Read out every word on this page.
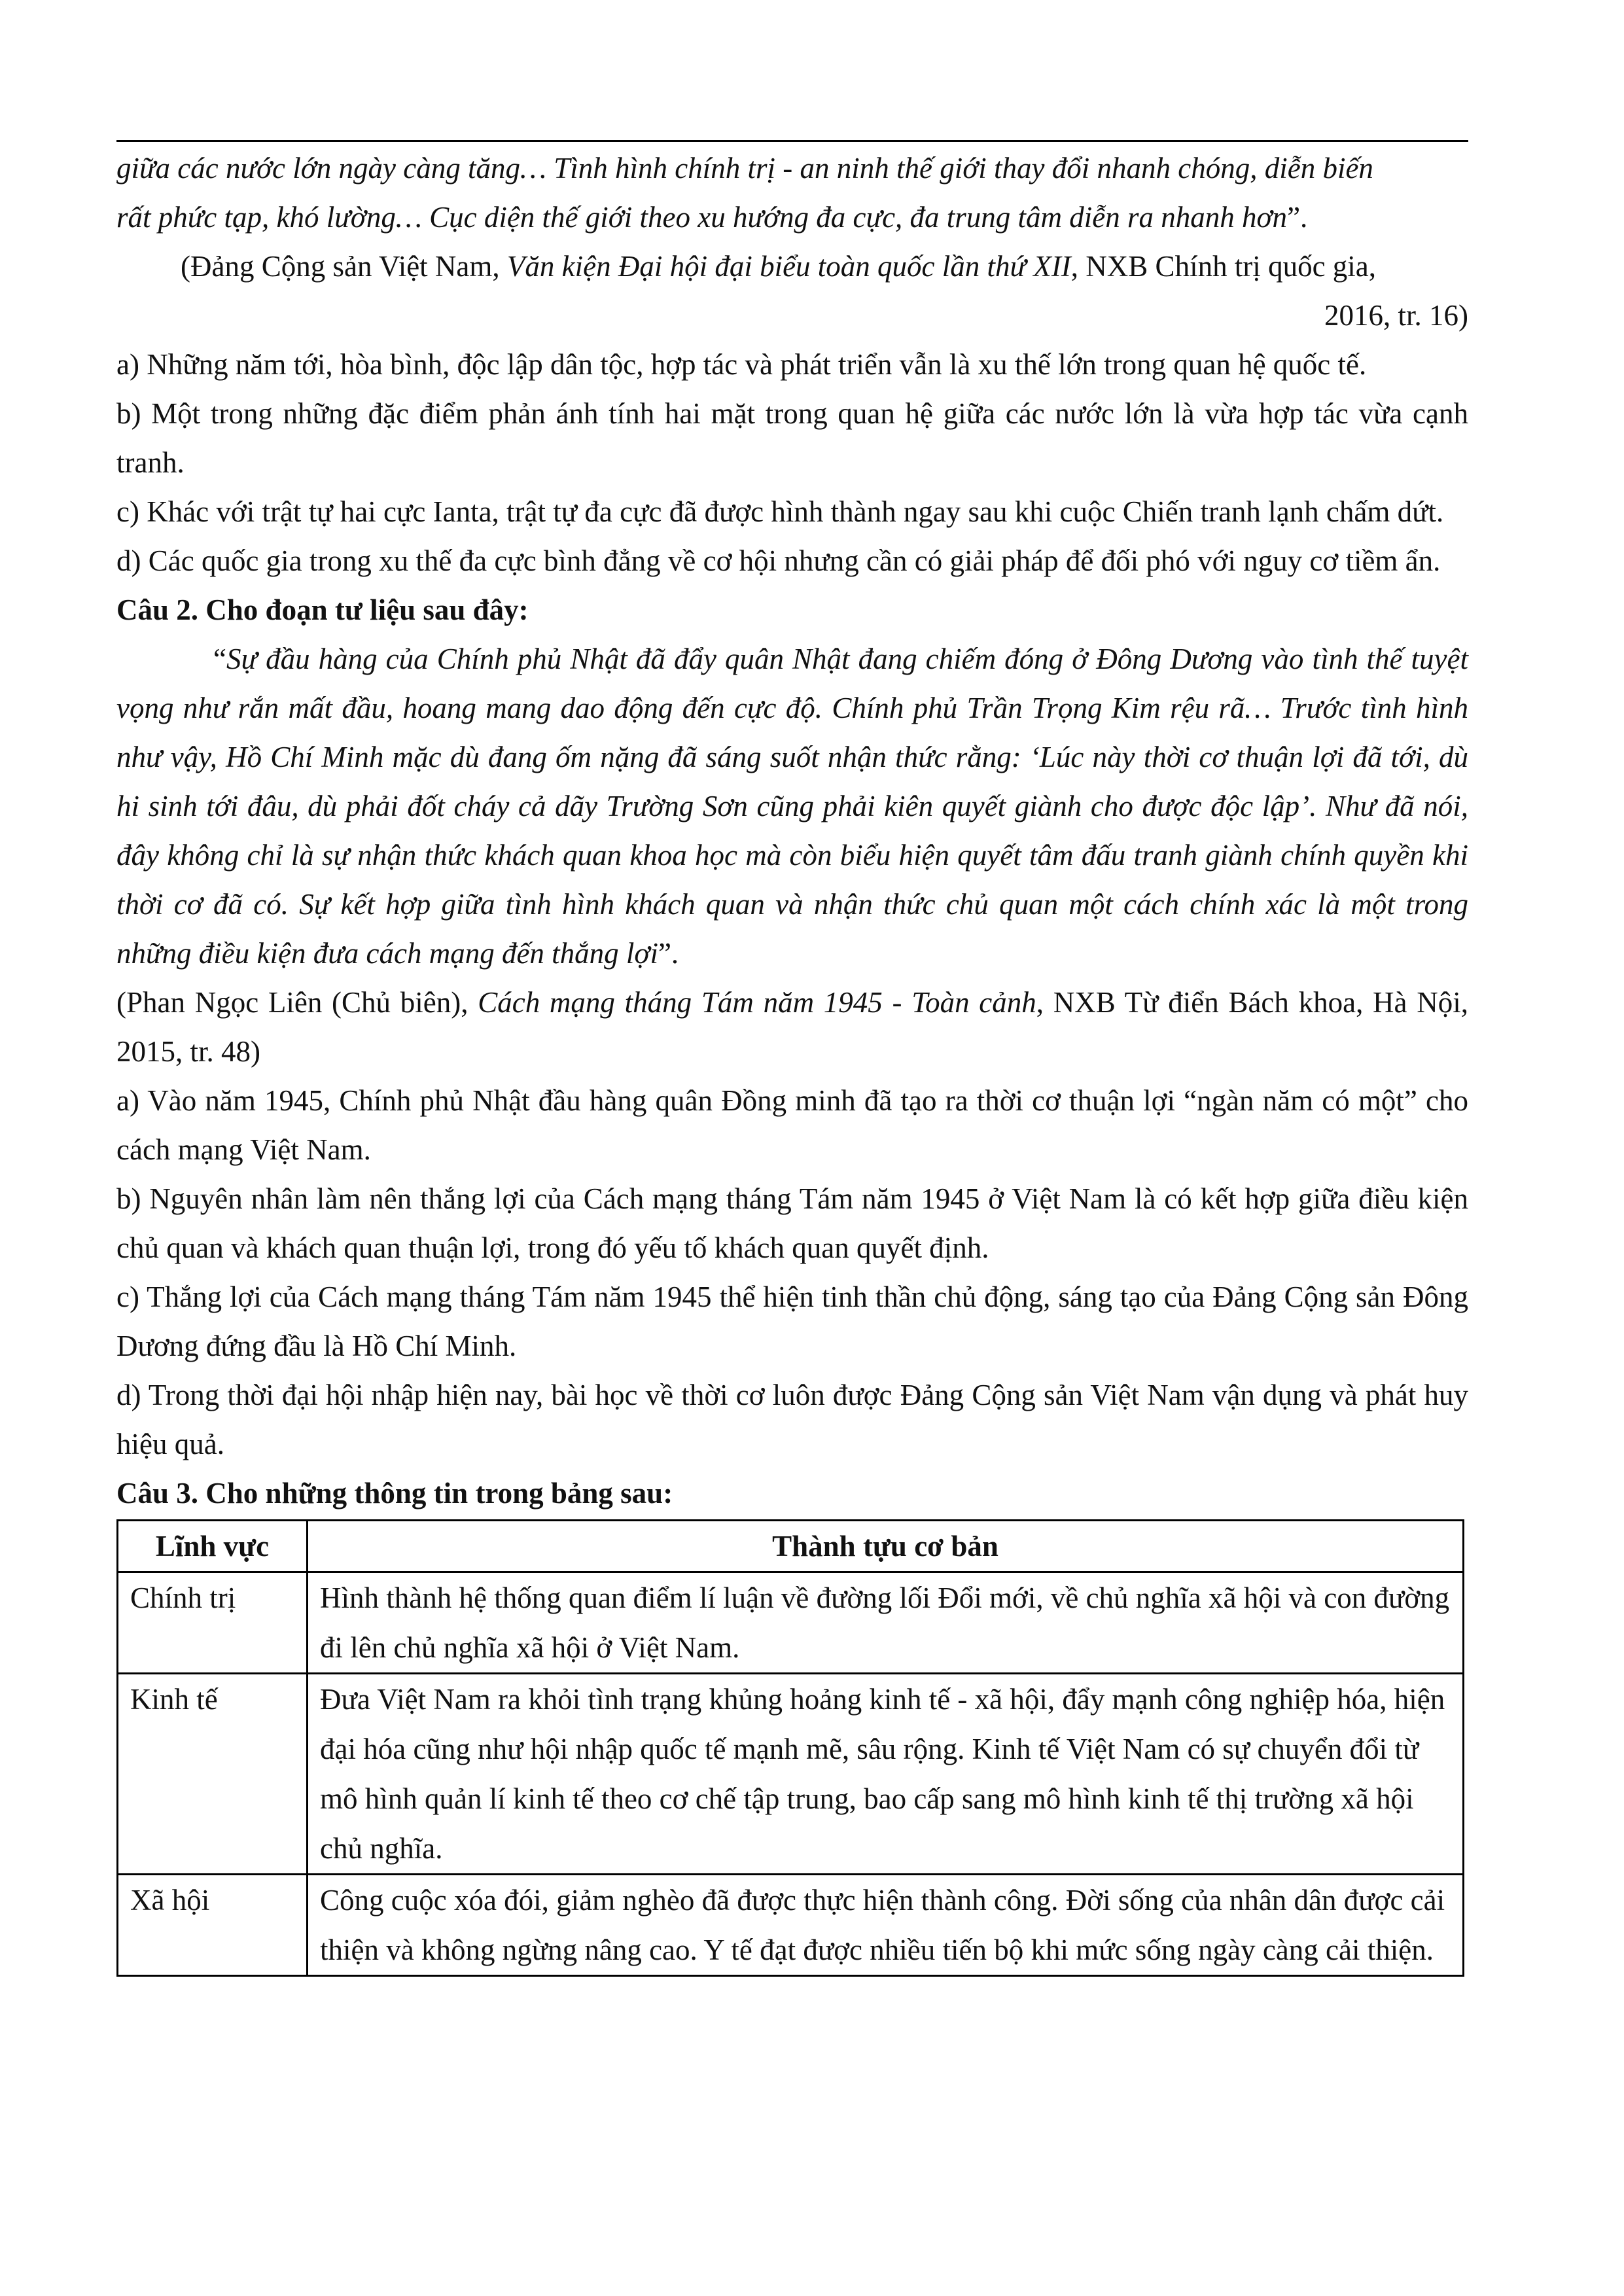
giữa các nước lớn ngày càng tăng… Tình hình chính trị - an ninh thế giới thay đổi nhanh chóng, diễn biến

rất phức tạp, khó lường… Cục diện thế giới theo xu hướng đa cực, đa trung tâm diễn ra nhanh hơn”.

(Đảng Cộng sản Việt Nam, Văn kiện Đại hội đại biểu toàn quốc lần thứ XII, NXB Chính trị quốc gia,

2016, tr. 16)

a) Những năm tới, hòa bình, độc lập dân tộc, hợp tác và phát triển vẫn là xu thế lớn trong quan hệ quốc tế.

b) Một trong những đặc điểm phản ánh tính hai mặt trong quan hệ giữa các nước lớn là vừa hợp tác vừa cạnh tranh.

c) Khác với trật tự hai cực Ianta, trật tự đa cực đã được hình thành ngay sau khi cuộc Chiến tranh lạnh chấm dứt.

d) Các quốc gia trong xu thế đa cực bình đẳng về cơ hội nhưng cần có giải pháp để đối phó với nguy cơ tiềm ẩn.

Câu 2. Cho đoạn tư liệu sau đây:

“Sự đầu hàng của Chính phủ Nhật đã đẩy quân Nhật đang chiếm đóng ở Đông Dương vào tình thế tuyệt vọng như rắn mất đầu, hoang mang dao động đến cực độ. Chính phủ Trần Trọng Kim rệu rã… Trước tình hình như vậy, Hồ Chí Minh mặc dù đang ốm nặng đã sáng suốt nhận thức rằng: ‘Lúc này thời cơ thuận lợi đã tới, dù hi sinh tới đâu, dù phải đốt cháy cả dãy Trường Sơn cũng phải kiên quyết giành cho được độc lập’. Như đã nói, đây không chỉ là sự nhận thức khách quan khoa học mà còn biểu hiện quyết tâm đấu tranh giành chính quyền khi thời cơ đã có. Sự kết hợp giữa tình hình khách quan và nhận thức chủ quan một cách chính xác là một trong những điều kiện đưa cách mạng đến thắng lợi”.

(Phan Ngọc Liên (Chủ biên), Cách mạng tháng Tám năm 1945 - Toàn cảnh, NXB Từ điển Bách khoa, Hà Nội, 2015, tr. 48)

a) Vào năm 1945, Chính phủ Nhật đầu hàng quân Đồng minh đã tạo ra thời cơ thuận lợi “ngàn năm có một” cho cách mạng Việt Nam.

b) Nguyên nhân làm nên thắng lợi của Cách mạng tháng Tám năm 1945 ở Việt Nam là có kết hợp giữa điều kiện chủ quan và khách quan thuận lợi, trong đó yếu tố khách quan quyết định.

c) Thắng lợi của Cách mạng tháng Tám năm 1945 thể hiện tinh thần chủ động, sáng tạo của Đảng Cộng sản Đông Dương đứng đầu là Hồ Chí Minh.

d) Trong thời đại hội nhập hiện nay, bài học về thời cơ luôn được Đảng Cộng sản Việt Nam vận dụng và phát huy hiệu quả.

Câu 3. Cho những thông tin trong bảng sau:

Lĩnh vực	Thành tựu cơ bản
Chính trị	Hình thành hệ thống quan điểm lí luận về đường lối Đổi mới, về chủ nghĩa xã hội và con đường đi lên chủ nghĩa xã hội ở Việt Nam.
Kinh tế	Đưa Việt Nam ra khỏi tình trạng khủng hoảng kinh tế - xã hội, đẩy mạnh công nghiệp hóa, hiện đại hóa cũng như hội nhập quốc tế mạnh mẽ, sâu rộng. Kinh tế Việt Nam có sự chuyển đổi từ mô hình quản lí kinh tế theo cơ chế tập trung, bao cấp sang mô hình kinh tế thị trường xã hội chủ nghĩa.
Xã hội	Công cuộc xóa đói, giảm nghèo đã được thực hiện thành công. Đời sống của nhân dân được cải thiện và không ngừng nâng cao. Y tế đạt được nhiều tiến bộ khi mức sống ngày càng cải thiện.
